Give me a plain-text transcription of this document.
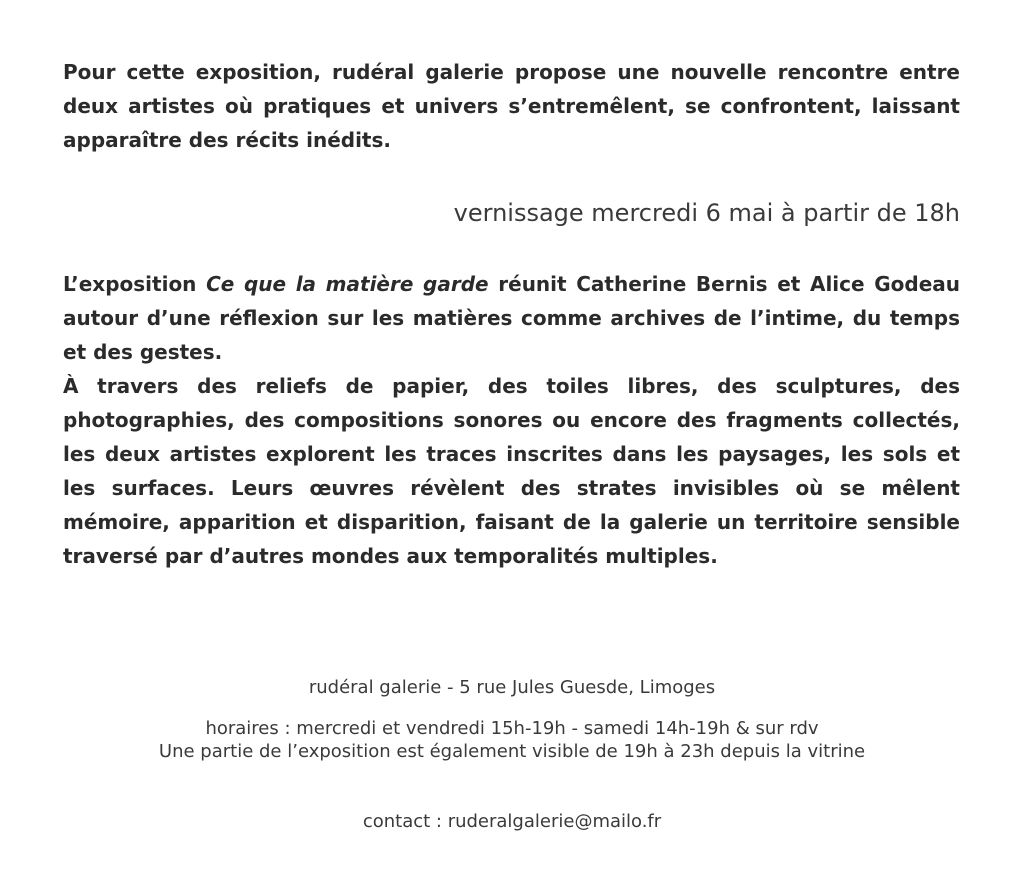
Pour cette exposition, rudéral galerie propose une nouvelle rencontre entre deux artistes où pratiques et univers s’entremêlent, se confrontent, laissant apparaître des récits inédits.
vernissage mercredi 6 mai à partir de 18h

L’exposition Ce que la matière garde réunit Catherine Bernis et Alice Godeau autour d’une réflexion sur les matières comme archives de l’intime, du temps et des gestes.

À travers des reliefs de papier, des toiles libres, des sculptures, des photographies, des compositions sonores ou encore des fragments collectés, les deux artistes explorent les traces inscrites dans les paysages, les sols et les surfaces. Leurs œuvres révèlent des strates invisibles où se mêlent mémoire, apparition et disparition, faisant de la galerie un territoire sensible traversé par d’autres mondes aux temporalités multiples.

rudéral galerie - 5 rue Jules Guesde, Limoges
horaires : mercredi et vendredi 15h-19h - samedi 14h-19h & sur rdv
Une partie de l’exposition est également visible de 19h à 23h depuis la vitrine
contact : ruderalgalerie@mailo.fr
